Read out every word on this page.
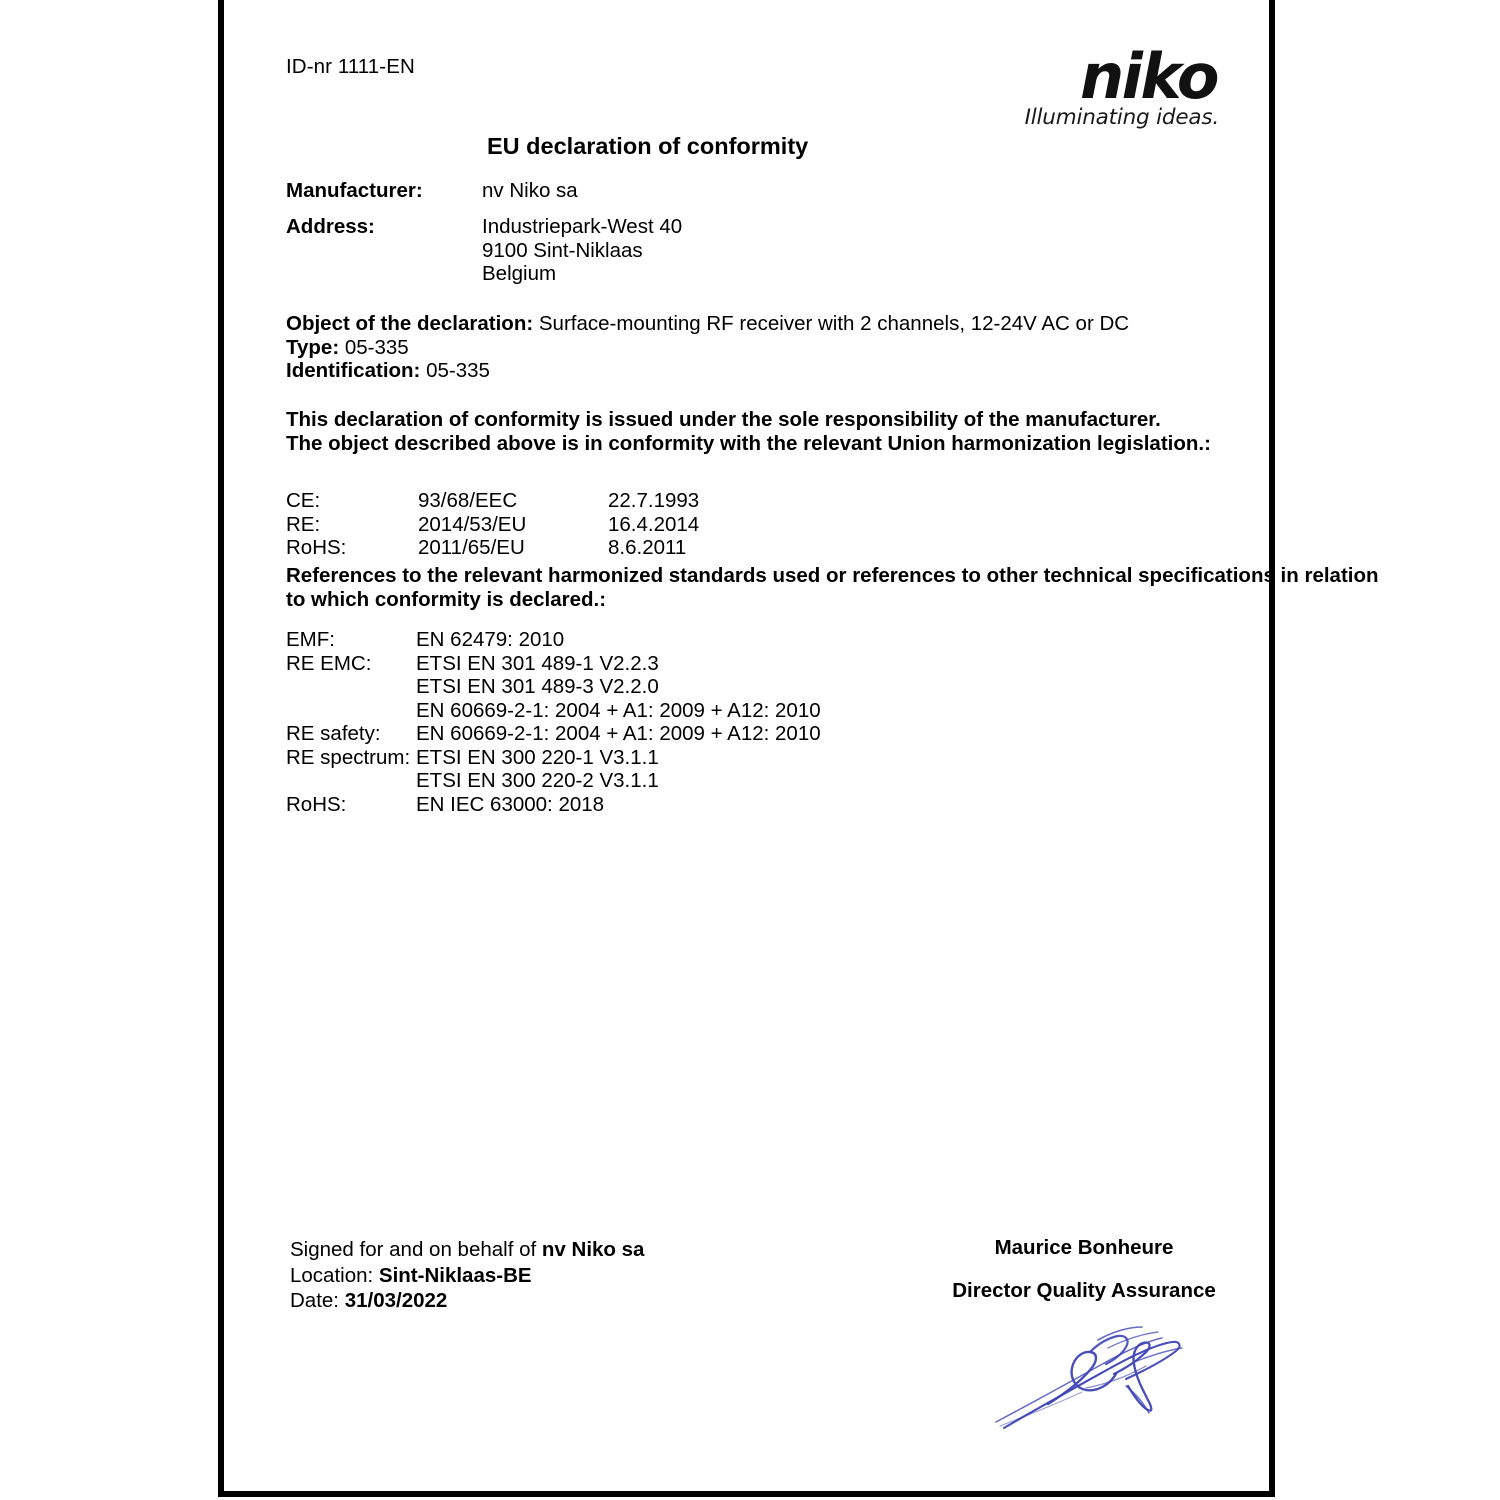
ID-nr 1111-EN	niko
Illuminating ideas.
EU declaration of conformity
Manufacturer:	nv Niko sa
Address:	Industriepark-West 40
9100 Sint-Niklaas
Belgium
Object of the declaration: Surface-mounting RF receiver with 2 channels, 12-24V AC or DC
Type: 05-335
Identification: 05-335
This declaration of conformity is issued under the sole responsibility of the manufacturer.
The object described above is in conformity with the relevant Union harmonization legislation.:
CE:	93/68/EEC	22.7.1993
RE:	2014/53/EU	16.4.2014
RoHS:	2011/65/EU	8.6.2011
References to the relevant harmonized standards used or references to other technical specifications in relation
to which conformity is declared.:
EMF:	EN 62479: 2010
RE EMC: ETSI EN 301 489-1 V2.2.3
ETSI EN 301 489-3 V2.2.0
EN 60669-2-1: 2004 + A1: 2009 + A12: 2010
RE safety: EN 60669-2-1: 2004 + A1: 2009 + A12: 2010
RE spectrum: ETSI EN 300 220-1 V3.1.1
ETSI EN 300 220-2 V3.1.1
RoHS:	EN IEC 63000: 2018
Signed for and on behalf of nv Niko sa
Location: Sint-Niklaas-BE
Date: 31/03/2022
Maurice Bonheure
Director Quality Assurance
